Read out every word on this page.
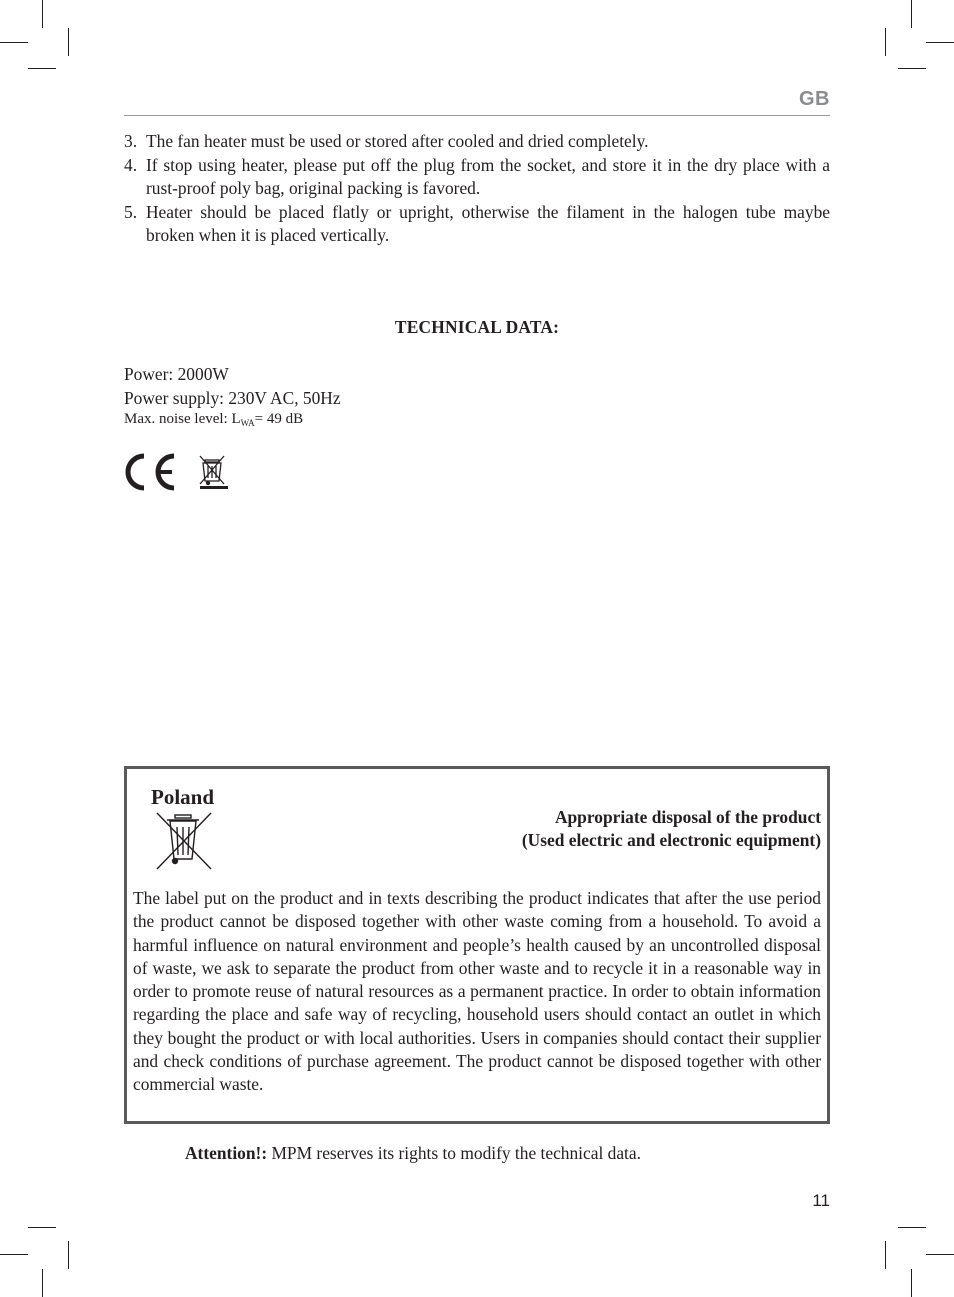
GB
3. The fan heater must be used or stored after cooled and dried completely.
4. If stop using heater, please put off the plug from the socket, and store it in the dry place with a rust-proof poly bag, original packing is favored.
5. Heater should be placed flatly or upright, otherwise the filament in the halogen tube maybe broken when it is placed vertically.
TECHNICAL DATA:
Power: 2000W
Power supply: 230V AC, 50Hz
Max. noise level: $L_{WA}= 49$ dB
Poland
Appropriate disposal of the product
(Used electric and electronic equipment)

The label put on the product and in texts describing the product indicates that after the use period the product cannot be disposed together with other waste coming from a household. To avoid a harmful influence on natural environment and people’s health caused by an uncontrolled disposal of waste, we ask to separate the product from other waste and to recycle it in a reasonable way in order to promote reuse of natural resources as a permanent practice. In order to obtain information regarding the place and safe way of recycling, household users should contact an outlet in which they bought the product or with local authorities. Users in companies should contact their supplier and check conditions of purchase agreement. The product cannot be disposed together with other commercial waste.

Attention!: MPM reserves its rights to modify the technical data.
11
